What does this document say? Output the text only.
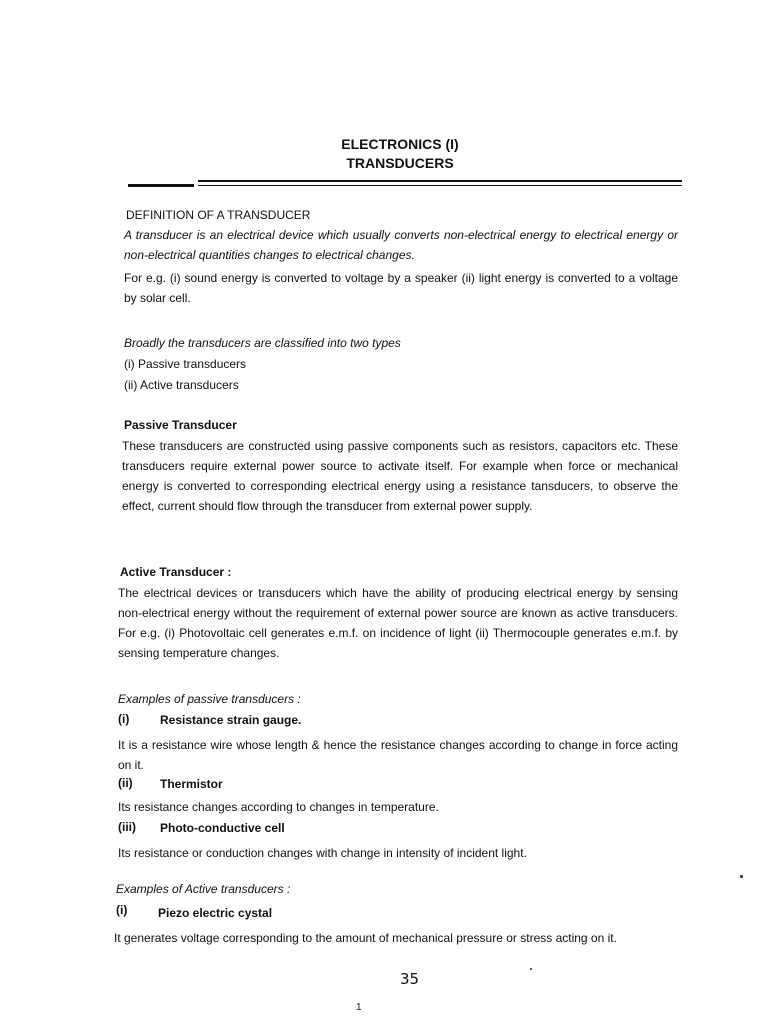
ELECTRONICS (I)
TRANSDUCERS
DEFINITION OF A TRANSDUCER

A transducer is an electrical device which usually converts non-electrical energy to electrical energy or non-electrical quantities changes to electrical changes.

For e.g. (i) sound energy is converted to voltage by a speaker (ii) light energy is converted to a voltage by solar cell.

Broadly the transducers are classified into two types
(i) Passive transducers
(ii) Active transducers
Passive Transducer

These transducers are constructed using passive components such as resistors, capacitors etc. These transducers require external power source to activate itself. For example when force or mechanical energy is converted to corresponding electrical energy using a resistance tansducers, to observe the effect, current should flow through the transducer from external power supply.

Active Transducer :

The electrical devices or transducers which have the ability of producing electrical energy by sensing non-electrical energy without the requirement of external power source are known as active transducers. For e.g. (i) Photovoltaic cell generates e.m.f. on incidence of light (ii) Thermocouple generates e.m.f. by sensing temperature changes.

Examples of passive transducers :
(i)	Resistance strain gauge.

It is a resistance wire whose length & hence the resistance changes according to change in force acting on it.

(ii) Thermistor

Its resistance changes according to changes in temperature.

(iii) Photo-conductive cell

Its resistance or conduction changes with change in intensity of incident light.

Examples of Active transducers :
(i)	Piezo electric cystal

It generates voltage corresponding to the amount of mechanical pressure or stress acting on it.

35
1
